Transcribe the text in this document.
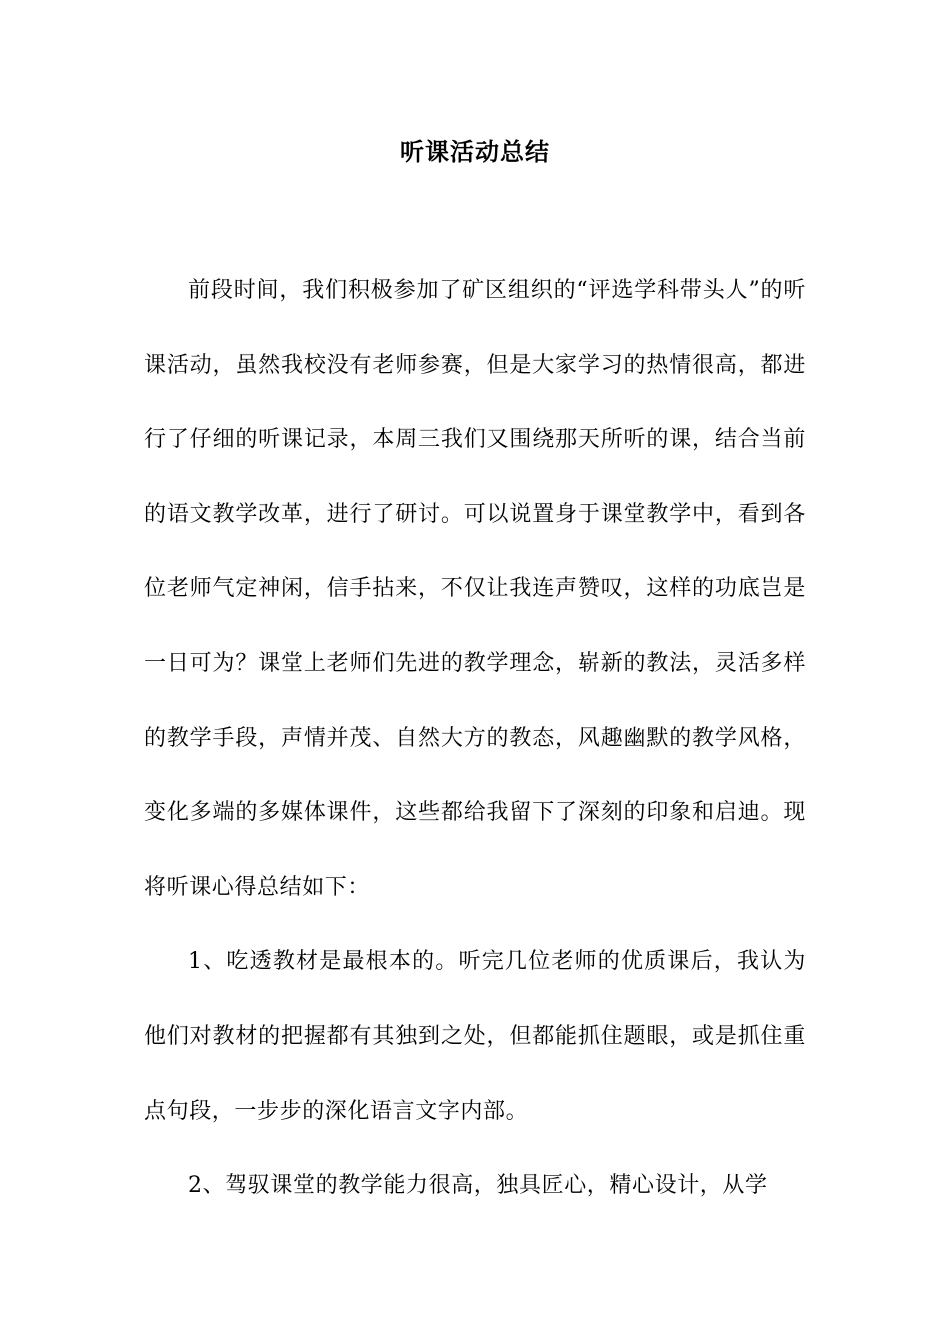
听课活动总结

前段时间，我们积极参加了矿区组织的“评选学科带头人”的听课活动，虽然我校没有老师参赛，但是大家学习的热情很高，都进行了仔细的听课记录，本周三我们又围绕那天所听的课，结合当前的语文教学改革，进行了研讨。可以说置身于课堂教学中，看到各位老师气定神闲，信手拈来，不仅让我连声赞叹，这样的功底岂是一日可为？课堂上老师们先进的教学理念，崭新的教法，灵活多样的教学手段，声情并茂、自然大方的教态，风趣幽默的教学风格，变化多端的多媒体课件，这些都给我留下了深刻的印象和启迪。现将听课心得总结如下：

1、吃透教材是最根本的。听完几位老师的优质课后，我认为他们对教材的把握都有其独到之处，但都能抓住题眼，或是抓住重点句段，一步步的深化语言文字内部。

2、驾驭课堂的教学能力很高，独具匠心，精心设计，从学
